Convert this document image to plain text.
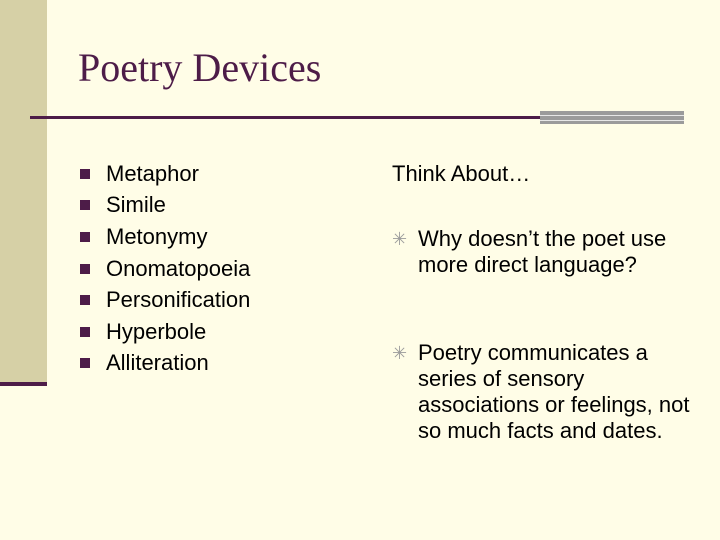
Poetry Devices
Metaphor
Simile
Metonymy
Onomatopoeia
Personification
Hyperbole
Alliteration
Think About…
✳ Why doesn’t the poet use more direct language?
✳ Poetry communicates a series of sensory associations or feelings, not so much facts and dates.
